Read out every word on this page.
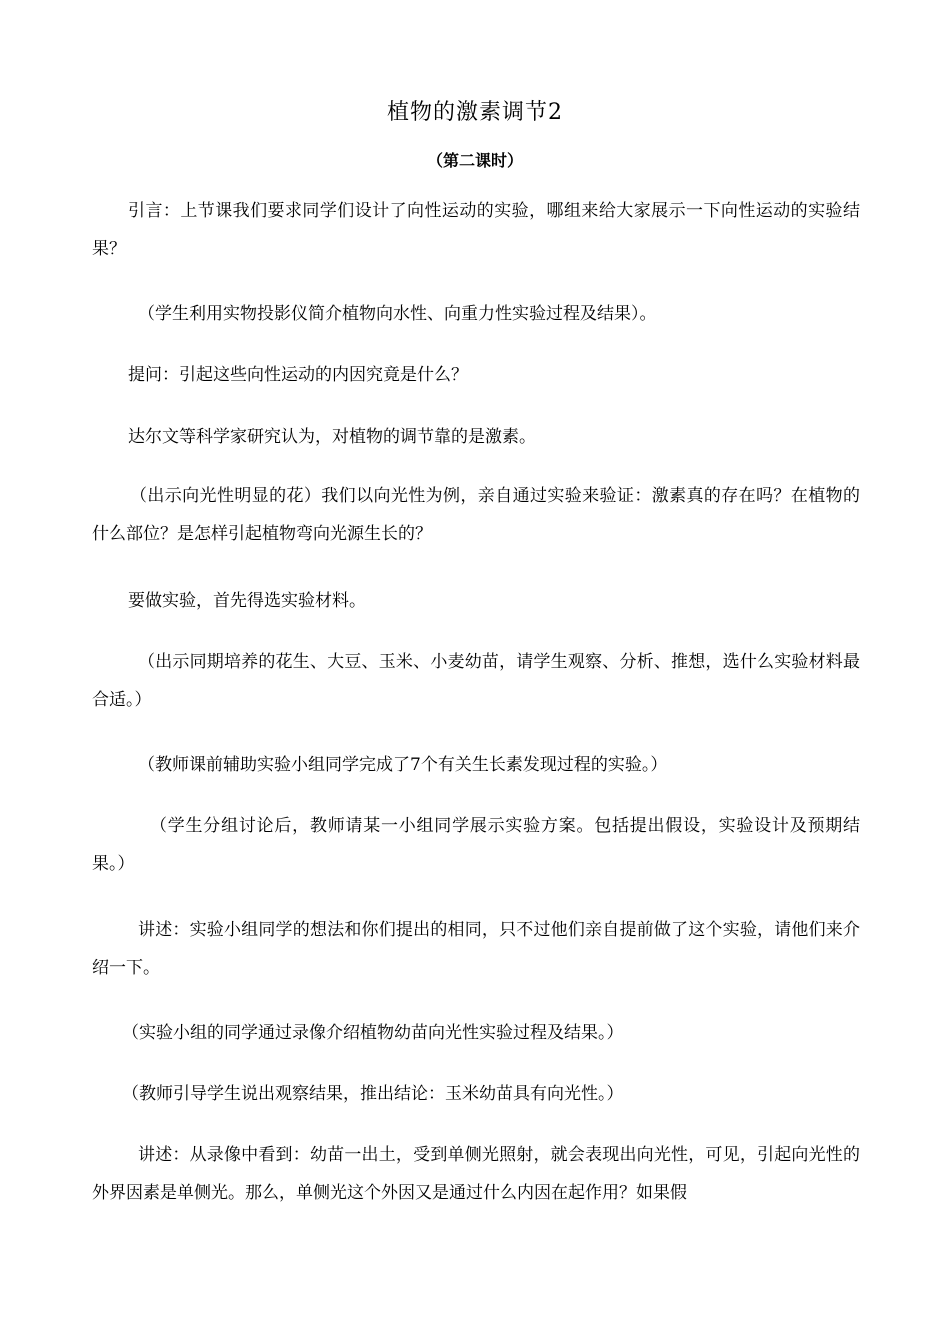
植物的激素调节2
（第二课时）

引言：上节课我们要求同学们设计了向性运动的实验，哪组来给大家展示一下向性运动的实验结果？

（学生利用实物投影仪简介植物向水性、向重力性实验过程及结果）。

提问：引起这些向性运动的内因究竟是什么？

达尔文等科学家研究认为，对植物的调节靠的是激素。

（出示向光性明显的花）我们以向光性为例，亲自通过实验来验证：激素真的存在吗？在植物的什么部位？是怎样引起植物弯向光源生长的？

要做实验，首先得选实验材料。

（出示同期培养的花生、大豆、玉米、小麦幼苗，请学生观察、分析、推想，选什么实验材料最合适。）

（教师课前辅助实验小组同学完成了7个有关生长素发现过程的实验。）

（学生分组讨论后，教师请某一小组同学展示实验方案。包括提出假设，实验设计及预期结果。）

讲述：实验小组同学的想法和你们提出的相同，只不过他们亲自提前做了这个实验，请他们来介绍一下。

（实验小组的同学通过录像介绍植物幼苗向光性实验过程及结果。）

（教师引导学生说出观察结果，推出结论：玉米幼苗具有向光性。）

讲述：从录像中看到：幼苗一出土，受到单侧光照射，就会表现出向光性，可见，引起向光性的外界因素是单侧光。那么，单侧光这个外因又是通过什么内因在起作用？如果假
